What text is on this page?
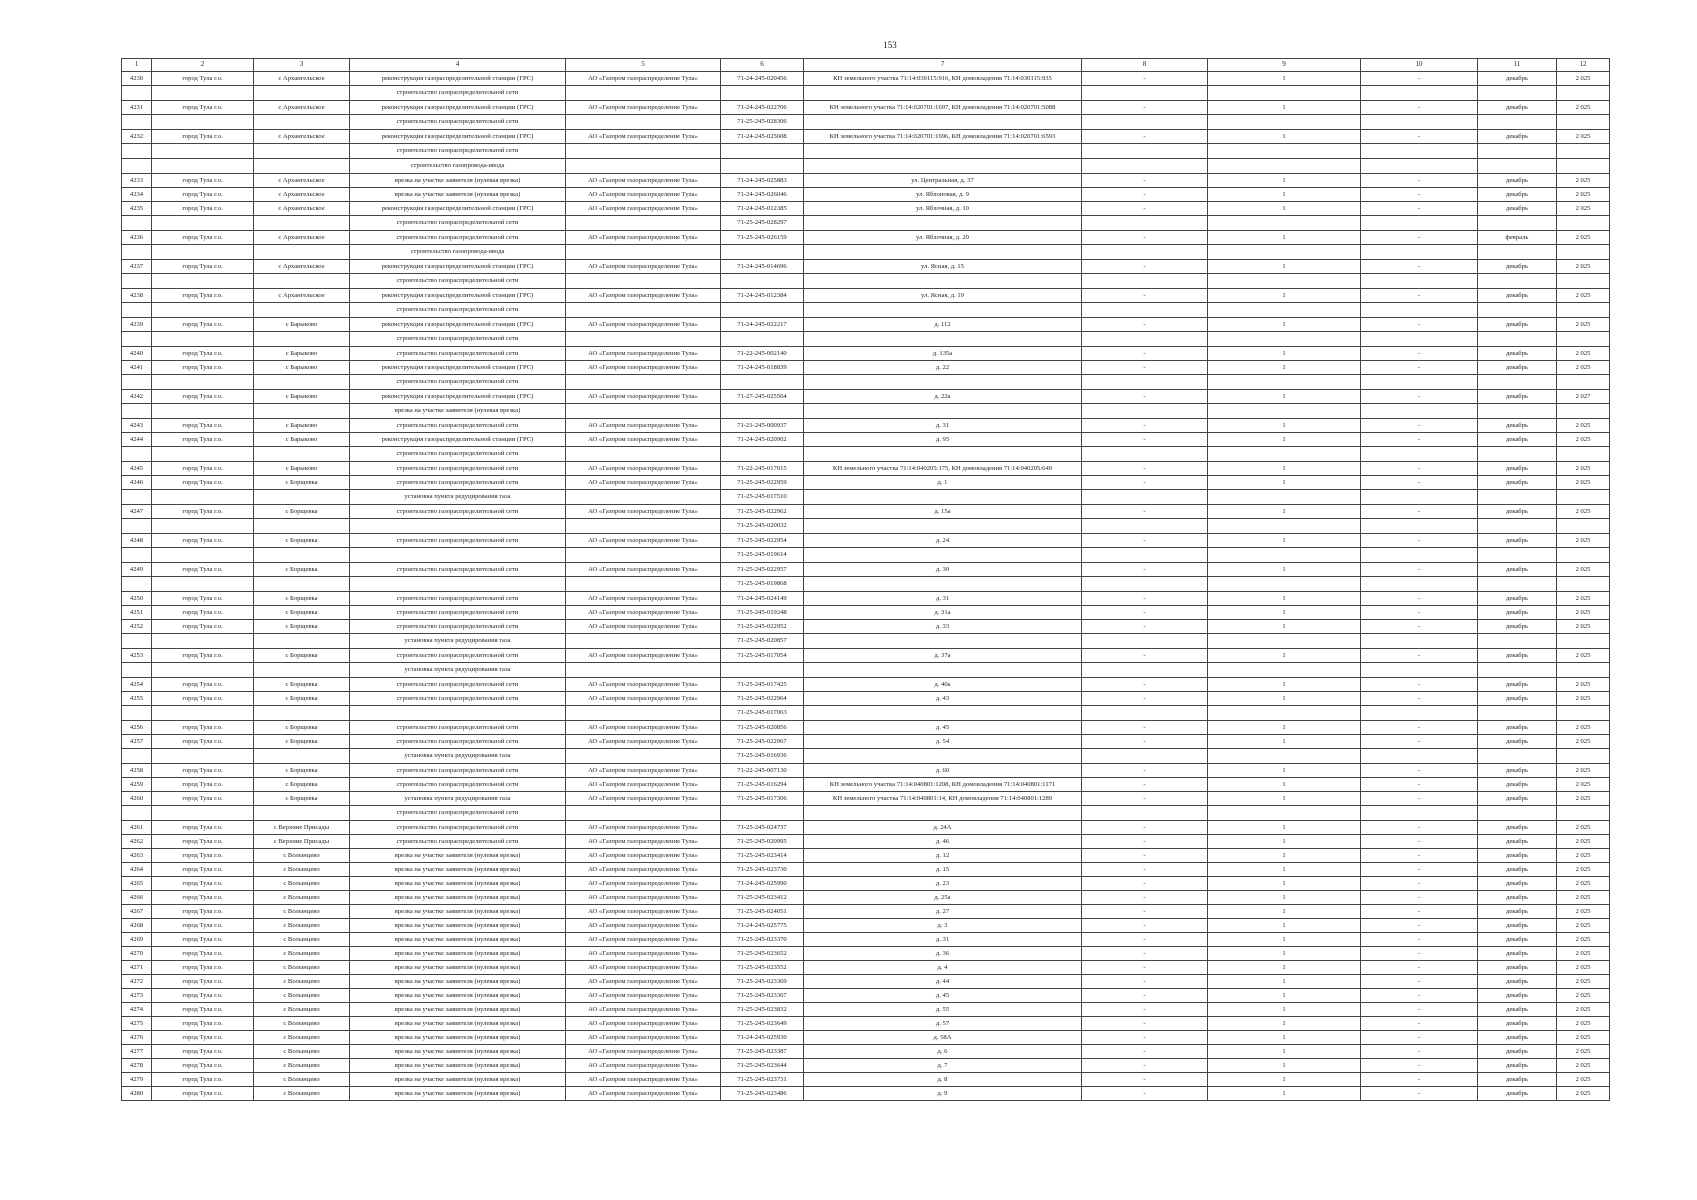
153
1	2	3	4	5	6	7	8	9	10	11	12
4230	город Тула г.о.	с Архангельское	реконструкция газораспределительной станции (ГРС)	АО «Газпром газораспределение Тула»	71-24-245-020456	КН земельного участка 71:14:030115:916, КН домовладения 71:14:030115:935	-	1	-	декабрь	2 025
			строительство газораспределительной сети								
4231	город Тула г.о.	с Архангельское	реконструкция газораспределительной станции (ГРС)	АО «Газпром газораспределение Тула»	71-24-245-022706	КН земельного участка 71:14:020701:1697, КН домовладения 71:14:020701:5088	-	1	-	декабрь	2 025
			строительство газораспределительной сети		71-25-245-028306						
4232	город Тула г.о.	с Архангельское	реконструкция газораспределительной станции (ГРС)	АО «Газпром газораспределение Тула»	71-24-245-025608	КН земельного участка 71:14:020701:1696, КН домовладения 71:14:020701:6593	-	1	-	декабрь	2 025
			строительство газораспределительной сети								
			строительство газопровода-ввода								
4233	город Тула г.о.	с Архангельское	врезка на участке заявителя (нулевая врезка)	АО «Газпром газораспределение Тула»	71-24-245-025883	ул. Центральная, д. 37	-	1	-	декабрь	2 025
4234	город Тула г.о.	с Архангельское	врезка на участке заявителя (нулевая врезка)	АО «Газпром газораспределение Тула»	71-24-245-026046	ул. Яблоновая, д. 9	-	1	-	декабрь	2 025
4235	город Тула г.о.	с Архангельское	реконструкция газораспределительной станции (ГРС)	АО «Газпром газораспределение Тула»	71-24-245-012385	ул. Яблочная, д. 10	-	1	-	декабрь	2 025
			строительство газораспределительной сети		71-25-245-028297						
4236	город Тула г.о.	с Архангельское	строительство газораспределительной сети	АО «Газпром газораспределение Тула»	71-25-245-026159	ул. Яблочная, д. 20	-	1	-	февраль	2 025
			строительство газопровода-ввода								
4237	город Тула г.о.	с Архангельское	реконструкция газораспределительной станции (ГРС)	АО «Газпром газораспределение Тула»	71-24-245-014696	ул. Ясная, д. 15	-	1	-	декабрь	2 025
			строительство газораспределительной сети								
4238	город Тула г.о.	с Архангельское	реконструкция газораспределительной станции (ГРС)	АО «Газпром газораспределение Тула»	71-24-245-012384	ул. Ясная, д. 19	-	1	-	декабрь	2 025
			строительство газораспределительной сети								
4239	город Тула г.о.	с Барыково	реконструкция газораспределительной станции (ГРС)	АО «Газпром газораспределение Тула»	71-24-245-022217	д. 112	-	1	-	декабрь	2 025
			строительство газораспределительной сети								
4240	город Тула г.о.	с Барыково	строительство газораспределительной сети	АО «Газпром газораспределение Тула»	71-22-245-002140	д. 135а	-	1	-	декабрь	2 025
4241	город Тула г.о.	с Барыково	реконструкция газораспределительной станции (ГРС)	АО «Газпром газораспределение Тула»	71-24-245-018839	д. 22	-	1	-	декабрь	2 025
			строительство газораспределительной сети								
4242	город Тула г.о.	с Барыково	реконструкция газораспределительной станции (ГРС)	АО «Газпром газораспределение Тула»	71-27-245-025564	д. 22а	-	1	-	декабрь	2 027
			врезка на участке заявителя (нулевая врезка)								
4243	город Тула г.о.	с Барыково	строительство газораспределительной сети	АО «Газпром газораспределение Тула»	71-21-245-000937	д. 31	-	1	-	декабрь	2 025
4244	город Тула г.о.	с Барыково	реконструкция газораспределительной станции (ГРС)	АО «Газпром газораспределение Тула»	71-24-245-020902	д. 95	-	1	-	декабрь	2 025
			строительство газораспределительной сети								
4245	город Тула г.о.	с Барыково	строительство газораспределительной сети	АО «Газпром газораспределение Тула»	71-22-245-017015	КН земельного участка 71:14:040205:175, КН домовладения 71:14:040205:649	-	1	-	декабрь	2 025
4246	город Тула г.о.	с Борщевка	строительство газораспределительной сети	АО «Газпром газораспределение Тула»	71-25-245-022959	д. 1	-	1	-	декабрь	2 025
			установка пункта редуцирования газа		71-25-245-017510						
4247	город Тула г.о.	с Борщевка	строительство газораспределительной сети	АО «Газпром газораспределение Тула»	71-25-245-022962	д. 15а	-	1	-	декабрь	2 025
					71-25-245-020032						
4248	город Тула г.о.	с Борщевка	строительство газораспределительной сети	АО «Газпром газораспределение Тула»	71-25-245-022954	д. 24	-	1	-	декабрь	2 025
					71-25-245-019614						
4249	город Тула г.о.	с Борщевка	строительство газораспределительной сети	АО «Газпром газораспределение Тула»	71-25-245-022957	д. 30	-	1	-	декабрь	2 025
					71-25-245-019868						
4250	город Тула г.о.	с Борщевка	строительство газораспределительной сети	АО «Газпром газораспределение Тула»	71-24-245-024149	д. 31	-	1	-	декабрь	2 025
4251	город Тула г.о.	с Борщевка	строительство газораспределительной сети	АО «Газпром газораспределение Тула»	71-25-245-019248	д. 31а	-	1	-	декабрь	2 025
4252	город Тула г.о.	с Борщевка	строительство газораспределительной сети	АО «Газпром газораспределение Тула»	71-25-245-022952	д. 33	-	1	-	декабрь	2 025
			установка пункта редуцирования газа		71-25-245-020857						
4253	город Тула г.о.	с Борщевка	строительство газораспределительной сети	АО «Газпром газораспределение Тула»	71-25-245-017054	д. 37а	-	1	-	декабрь	2 025
			установка пункта редуцирования газа								
4254	город Тула г.о.	с Борщевка	строительство газораспределительной сети	АО «Газпром газораспределение Тула»	71-25-245-017425	д. 40а	-	1	-	декабрь	2 025
4255	город Тула г.о.	с Борщевка	строительство газораспределительной сети	АО «Газпром газораспределение Тула»	71-25-245-022964	д. 43	-	1	-	декабрь	2 025
					71-25-245-017063						
4256	город Тула г.о.	с Борщевка	строительство газораспределительной сети	АО «Газпром газораспределение Тула»	71-25-245-020856	д. 45	-	1	-	декабрь	2 025
4257	город Тула г.о.	с Борщевка	строительство газораспределительной сети	АО «Газпром газораспределение Тула»	71-25-245-022967	д. 54	-	1	-	декабрь	2 025
			установка пункта редуцирования газа		71-25-245-016936						
4258	город Тула г.о.	с Борщевка	строительство газораспределительной сети	АО «Газпром газораспределение Тула»	71-22-245-007130	д. 60	-	1	-	декабрь	2 025
4259	город Тула г.о.	с Борщевка	строительство газораспределительной сети	АО «Газпром газораспределение Тула»	71-25-245-016294	КН земельного участка 71:14:040801:1208, КН домовладения 71:14:040801:1171	-	1	-	декабрь	2 025
4260	город Тула г.о.	с Борщевка	установка пункта редуцирования газа	АО «Газпром газораспределение Тула»	71-25-245-017306	КН земельного участка 71:14:040801:14, КН домовладения 71:14:040801:1289	-	1	-	декабрь	2 025
			строительство газораспределительной сети								
4261	город Тула г.о.	с Верхние Присады	строительство газораспределительной сети	АО «Газпром газораспределение Тула»	71-25-245-024737	д. 24А	-	1	-	декабрь	2 025
4262	город Тула г.о.	с Верхние Присады	строительство газораспределительной сети	АО «Газпром газораспределение Тула»	71-25-245-020995	д. 46	-	1	-	декабрь	2 025
4263	город Тула г.о.	с Волынцево	врезка на участке заявителя (нулевая врезка)	АО «Газпром газораспределение Тула»	71-25-245-023414	д. 12	-	1	-	декабрь	2 025
4264	город Тула г.о.	с Волынцево	врезка на участке заявителя (нулевая врезка)	АО «Газпром газораспределение Тула»	71-25-245-023730	д. 15	-	1	-	декабрь	2 025
4265	город Тула г.о.	с Волынцево	врезка на участке заявителя (нулевая врезка)	АО «Газпром газораспределение Тула»	71-24-245-025990	д. 23	-	1	-	декабрь	2 025
4266	город Тула г.о.	с Волынцево	врезка на участке заявителя (нулевая врезка)	АО «Газпром газораспределение Тула»	71-25-245-023412	д. 25а	-	1	-	декабрь	2 025
4267	город Тула г.о.	с Волынцево	врезка на участке заявителя (нулевая врезка)	АО «Газпром газораспределение Тула»	71-25-245-024051	д. 27	-	1	-	декабрь	2 025
4268	город Тула г.о.	с Волынцево	врезка на участке заявителя (нулевая врезка)	АО «Газпром газораспределение Тула»	71-24-245-025775	д. 3	-	1	-	декабрь	2 025
4269	город Тула г.о.	с Волынцево	врезка на участке заявителя (нулевая врезка)	АО «Газпром газораспределение Тула»	71-25-245-023370	д. 31	-	1	-	декабрь	2 025
4270	город Тула г.о.	с Волынцево	врезка на участке заявителя (нулевая врезка)	АО «Газпром газораспределение Тула»	71-25-245-023652	д. 36	-	1	-	декабрь	2 025
4271	город Тула г.о.	с Волынцево	врезка на участке заявителя (нулевая врезка)	АО «Газпром газораспределение Тула»	71-25-245-023552	д. 4	-	1	-	декабрь	2 025
4272	город Тула г.о.	с Волынцево	врезка на участке заявителя (нулевая врезка)	АО «Газпром газораспределение Тула»	71-25-245-023369	д. 44	-	1	-	декабрь	2 025
4273	город Тула г.о.	с Волынцево	врезка на участке заявителя (нулевая врезка)	АО «Газпром газораспределение Тула»	71-25-245-023367	д. 45	-	1	-	декабрь	2 025
4274	город Тула г.о.	с Волынцево	врезка на участке заявителя (нулевая врезка)	АО «Газпром газораспределение Тула»	71-25-245-023832	д. 55	-	1	-	декабрь	2 025
4275	город Тула г.о.	с Волынцево	врезка на участке заявителя (нулевая врезка)	АО «Газпром газораспределение Тула»	71-25-245-023649	д. 57	-	1	-	декабрь	2 025
4276	город Тула г.о.	с Волынцево	врезка на участке заявителя (нулевая врезка)	АО «Газпром газораспределение Тула»	71-24-245-025930	д. 58А	-	1	-	декабрь	2 025
4277	город Тула г.о.	с Волынцево	врезка на участке заявителя (нулевая врезка)	АО «Газпром газораспределение Тула»	71-25-245-023387	д. 6	-	1	-	декабрь	2 025
4278	город Тула г.о.	с Волынцево	врезка на участке заявителя (нулевая врезка)	АО «Газпром газораспределение Тула»	71-25-245-023644	д. 7	-	1	-	декабрь	2 025
4279	город Тула г.о.	с Волынцево	врезка на участке заявителя (нулевая врезка)	АО «Газпром газораспределение Тула»	71-25-245-023731	д. 8	-	1	-	декабрь	2 025
4280	город Тула г.о.	с Волынцево	врезка на участке заявителя (нулевая врезка)	АО «Газпром газораспределение Тула»	71-25-245-023486	д. 9	-	1	-	декабрь	2 025
